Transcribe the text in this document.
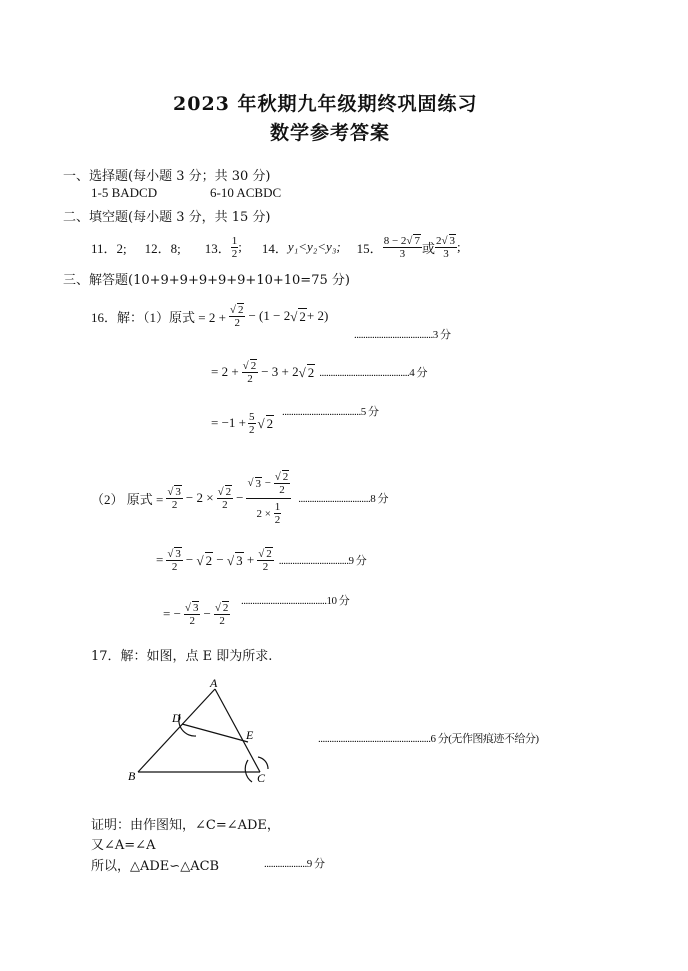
2023 年秋期九年级期终巩固练习
数学参考答案
一、选择题(每小题 3 分；共 30 分)
1-5 BADCD	6-10 ACBDC
二、填空题(每小题 3 分，共 15 分)
11．2; 12．8; 13． $\frac{1}{2}$ ; 14． y₁<y₂<y₃; 15． $\frac{8 - 2√ 7}{3}$ 或 $\frac{2√ 3}{3}$ ;
三、解答题(10+9+9+9+9+9+10+10=75 分)
16．解：（1）原式 = $2 + \frac{√ 2}{2} - (1 - 2$ √ 2 + 2)
...................................3 分
= $2 + \frac{√ 2}{2} - 3 + 2$ √ 2 ........................................4 分
= $-1 + \frac{5}{2}$ √ 2
...................................5 分
（2） 原式 = $\frac{√ 3}{2} - 2 \times \frac{√ 2}{2}$ − √ 3
−
$\frac{√ 2}{2}$
2 ×
$\frac{1}{2} ................................8$ 分
= $\frac{√ 3}{2}$ −
√ 2
−
√ 3
+ $\frac{√ 2}{2} ...............................9$ 分
= − $\frac{√ 3}{2} - \frac{√ 2}{2} ......................................10$ 分
17．解：如图，点 E 即为所求.
A
B	C
D
E	..................................................6 分(无作图痕迹不给分)
证明：由作图知，∠C=∠ADE，
又∠A=∠A
所以，△ADE∽△ACB	...................9 分
